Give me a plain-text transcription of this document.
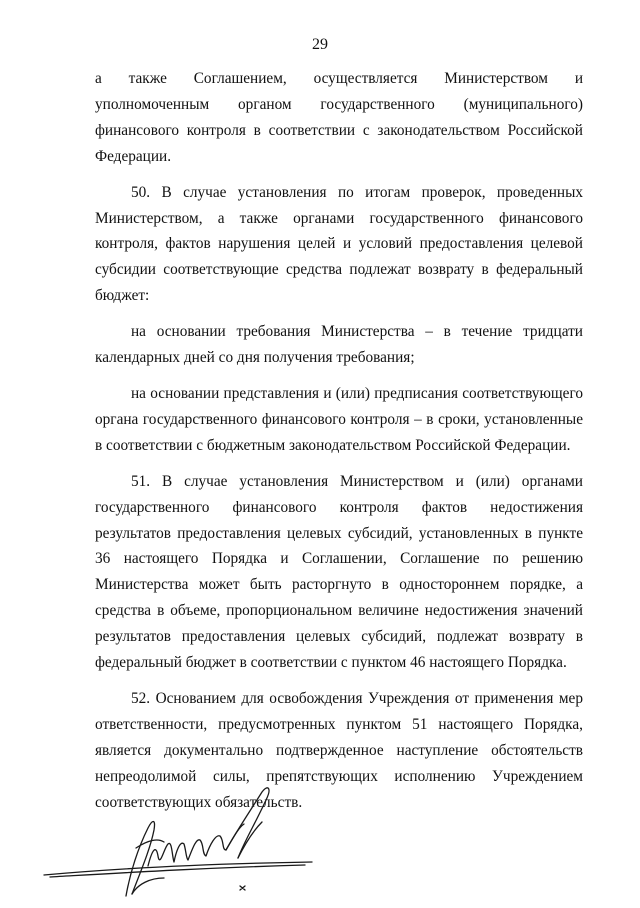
29

а также Соглашением, осуществляется Министерством и уполномоченным органом государственного (муниципального) финансового контроля в соответствии с законодательством Российской Федерации.

50. В случае установления по итогам проверок, проведенных Министерством, а также органами государственного финансового контроля, фактов нарушения целей и условий предоставления целевой субсидии соответствующие средства подлежат возврату в федеральный бюджет:

на основании требования Министерства – в течение тридцати календарных дней со дня получения требования;

на основании представления и (или) предписания соответствующего органа государственного финансового контроля – в сроки, установленные в соответствии с бюджетным законодательством Российской Федерации.

51. В случае установления Министерством и (или) органами государственного финансового контроля фактов недостижения результатов предоставления целевых субсидий, установленных в пункте 36 настоящего Порядка и Соглашении, Соглашение по решению Министерства может быть расторгнуто в одностороннем порядке, а средства в объеме, пропорциональном величине недостижения значений результатов предоставления целевых субсидий, подлежат возврату в федеральный бюджет в соответствии с пунктом 46 настоящего Порядка.

52. Основанием для освобождения Учреждения от применения мер ответственности, предусмотренных пунктом 51 настоящего Порядка, является документально подтвержденное наступление обстоятельств непреодолимой силы, препятствующих исполнению Учреждением соответствующих обязательств.
